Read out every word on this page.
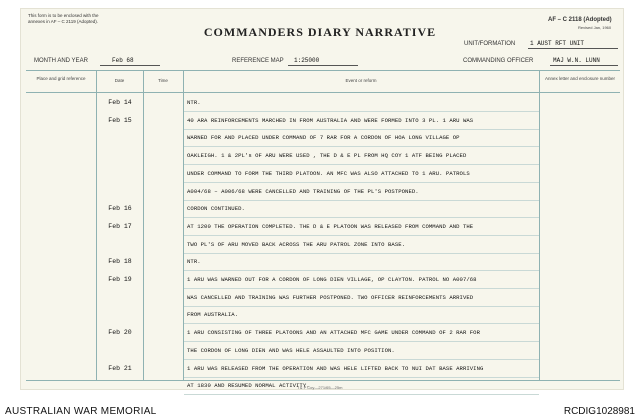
This form is to be enclosed with the
annexes in AF – C 2119 (Adopted).
COMMANDERS DIARY NARRATIVE
AF – C 2118 (Adopted)
Revised Jan, 1960
UNIT/FORMATION 1 AUST RFT UNIT
MONTH AND YEAR	Feb 68	REFERENCE MAP 1:25000	COMMANDING OFFICER	MAJ W.N. LUNN
Place and grid reference	Date	Time	Event or reform	Annex letter and enclosure number
Feb 14	NTR.
Feb 15	40 ARA REINFORCEMENTS MARCHED IN FROM AUSTRALIA AND WERE FORMED INTO 3 PL. 1 ARU WAS
WARNED FOR AND PLACED UNDER COMMAND OF 7 RAR FOR A CORDON OF HOA LONG VILLAGE OP
OAKLEIGH. 1 & 2PL's OF ARU WERE USED , THE D & E PL FROM HQ COY 1 ATF BEING PLACED
UNDER COMMAND TO FORM THE THIRD PLATOON. AN MFC WAS ALSO ATTACHED TO 1 ARU. PATROLS
A004/68 – A006/68 WERE CANCELLED AND TRAINING OF THE PL'S POSTPONED.
Feb 16	CORDON CONTINUED.
Feb 17	AT 1200 THE OPERATION COMPLETED. THE D & E PLATOON WAS RELEASED FROM COMMAND AND THE
TWO PL'S OF ARU MOVED BACK ACROSS THE ARU PATROL ZONE INTO BASE.
Feb 18	NTR.
Feb 19	1 ARU WAS WARNED OUT FOR A CORDON OF LONG DIEN VILLAGE, OP CLAYTON. PATROL NO A007/68
WAS CANCELLED AND TRAINING WAS FURTHER POSTPONED. TWO OFFICER REINFORCEMENTS ARRIVED
FROM AUSTRALIA.
Feb 20	1 ARU CONSISTING OF THREE PLATOONS AND AN ATTACHED MFC GAME UNDER COMMAND OF 2 RAR FOR
THE CORDON OF LONG DIEN AND WAS HELE ASSAULTED INTO POSITION.
Feb 21	1 ARU WAS RELEASED FROM THE OPERATION AND WAS HELE LIFTED BACK TO NUI DAT BASE ARRIVING
AT 1830 AND RESUMED NORMAL ACTIVITY.
I & P Coy—271/65—25m
AUSTRALIAN WAR MEMORIAL	RCDIG1028981
